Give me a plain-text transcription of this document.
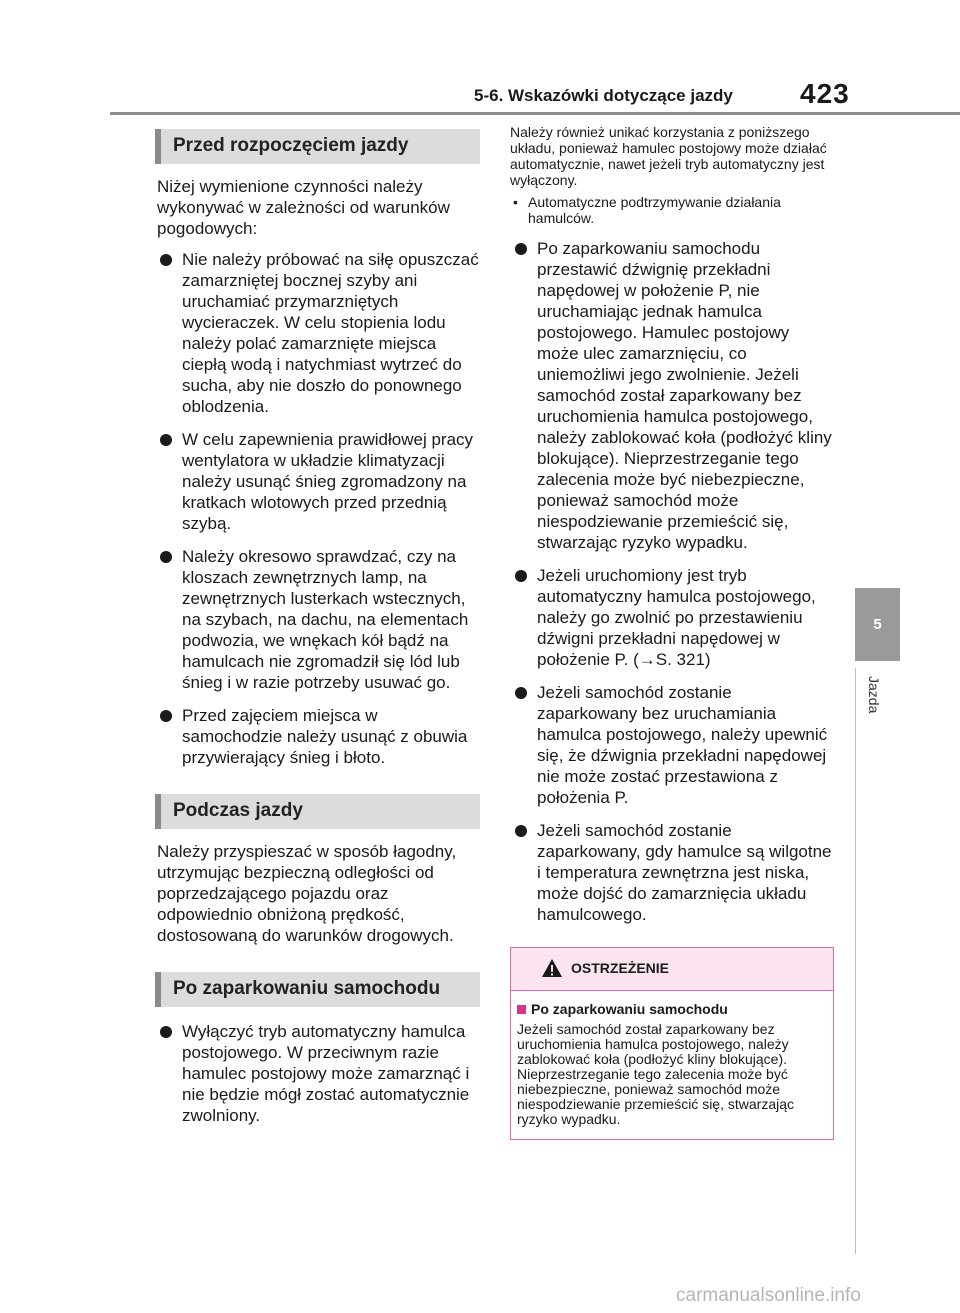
5-6. Wskazówki dotyczące jazdy 423
5
Jazda
Przed rozpoczęciem jazdy

Niżej wymienione czynności należy wykonywać w zależności od warunków pogodowych:

Nie należy próbować na siłę opuszczać zamarzniętej bocznej szyby ani uruchamiać przymarzniętych wycieraczek. W celu stopienia lodu należy polać zamarznięte miejsca ciepłą wodą i natychmiast wytrzeć do sucha, aby nie doszło do ponownego oblodzenia.

W celu zapewnienia prawidłowej pracy wentylatora w układzie klimatyzacji należy usunąć śnieg zgromadzony na kratkach wlotowych przed przednią szybą.

Należy okresowo sprawdzać, czy na kloszach zewnętrznych lamp, na zewnętrznych lusterkach wstecznych, na szybach, na dachu, na elementach podwozia, we wnękach kół bądź na hamulcach nie zgromadził się lód lub śnieg i w razie potrzeby usuwać go.

Przed zajęciem miejsca w samochodzie należy usunąć z obuwia przywierający śnieg i błoto.

Podczas jazdy

Należy przyspieszać w sposób łagodny, utrzymując bezpieczną odległości od poprzedzającego pojazdu oraz odpowiednio obniżoną prędkość, dostosowaną do warunków drogowych.

Po zaparkowaniu samochodu

Wyłączyć tryb automatyczny hamulca postojowego. W przeciwnym razie hamulec postojowy może zamarznąć i nie będzie mógł zostać automatycznie zwolniony.

Należy również unikać korzystania z poniższego układu, ponieważ hamulec postojowy może działać automatycznie, nawet jeżeli tryb automatyczny jest wyłączony.

• Automatyczne podtrzymywanie działania hamulców.

Po zaparkowaniu samochodu przestawić dźwignię przekładni napędowej w położenie P, nie uruchamiając jednak hamulca postojowego. Hamulec postojowy może ulec zamarznięciu, co uniemożliwi jego zwolnienie. Jeżeli samochód został zaparkowany bez uruchomienia hamulca postojowego, należy zablokować koła (podłożyć kliny blokujące). Nieprzestrzeganie tego zalecenia może być niebezpieczne, ponieważ samochód może niespodziewanie przemieścić się, stwarzając ryzyko wypadku.

Jeżeli uruchomiony jest tryb automatyczny hamulca postojowego, należy go zwolnić po przestawieniu dźwigni przekładni napędowej w położenie P. (→S. 321)

Jeżeli samochód zostanie zaparkowany bez uruchamiania hamulca postojowego, należy upewnić się, że dźwignia przekładni napędowej nie może zostać przestawiona z położenia P.

Jeżeli samochód zostanie zaparkowany, gdy hamulce są wilgotne i temperatura zewnętrzna jest niska, może dojść do zamarznięcia układu hamulcowego.

OSTRZEŻENIE
Po zaparkowaniu samochodu

Jeżeli samochód został zaparkowany bez uruchomienia hamulca postojowego, należy zablokować koła (podłożyć kliny blokujące). Nieprzestrzeganie tego zalecenia może być niebezpieczne, ponieważ samochód może niespodziewanie przemieścić się, stwarzając ryzyko wypadku.

carmanualsonline.info
